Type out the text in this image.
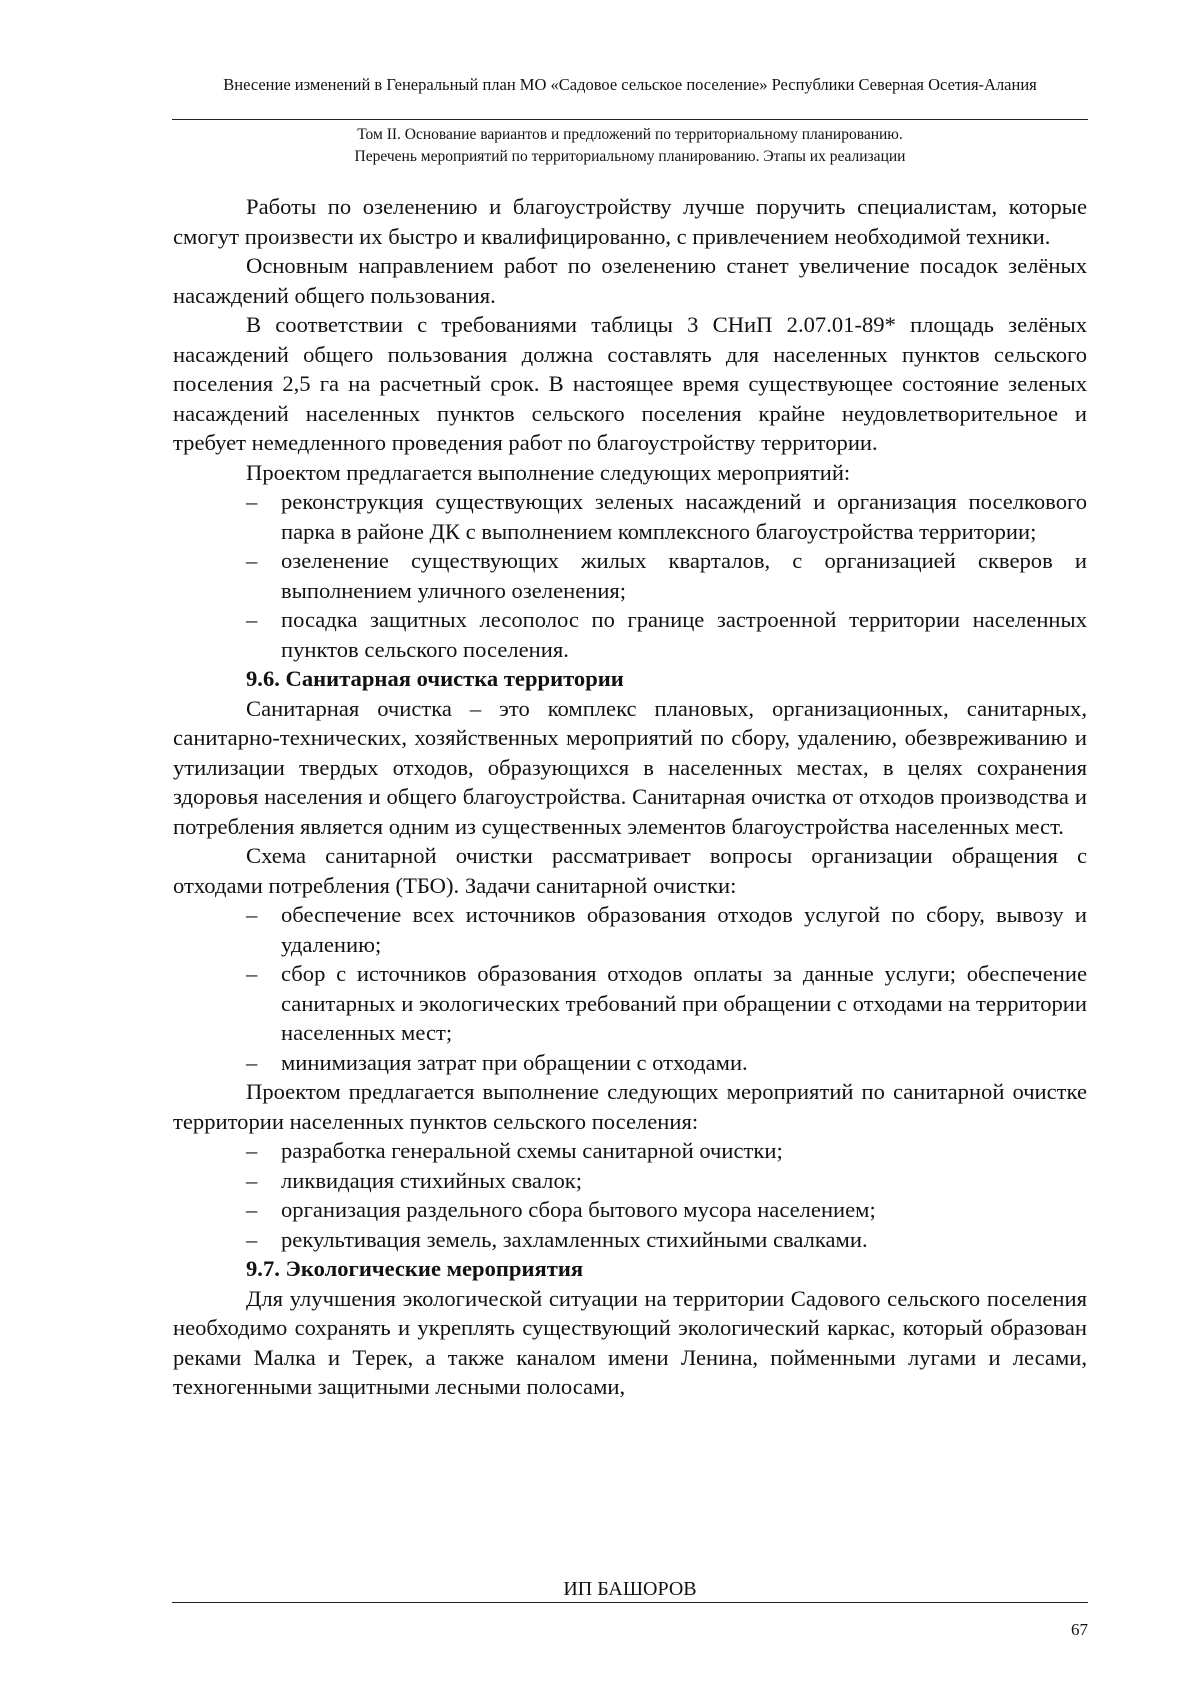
Внесение изменений в Генеральный план МО «Садовое сельское поселение» Республики Северная Осетия-Алания
Том II. Основание вариантов и предложений по территориальному планированию.
Перечень мероприятий по территориальному планированию. Этапы их реализации

Работы по озеленению и благоустройству лучше поручить специалистам, которые смогут произвести их быстро и квалифицированно, с привлечением необходимой техники.

Основным направлением работ по озеленению станет увеличение посадок зелёных насаждений общего пользования.

В соответствии с требованиями таблицы 3 СНиП 2.07.01-89* площадь зелёных насаждений общего пользования должна составлять для населенных пунктов сельского поселения 2,5 га на расчетный срок. В настоящее время существующее состояние зеленых насаждений населенных пунктов сельского поселения крайне неудовлетворительное и требует немедленного проведения работ по благоустройству территории.

Проектом предлагается выполнение следующих мероприятий:

– реконструкция существующих зеленых насаждений и организация поселкового парка в районе ДК с выполнением комплексного благоустройства территории;
– озеленение существующих жилых кварталов, с организацией скверов и выполнением уличного озеленения;
– посадка защитных лесополос по границе застроенной территории населенных пунктов сельского поселения.
9.6. Санитарная очистка территории

Санитарная очистка – это комплекс плановых, организационных, санитарных, санитарно-технических, хозяйственных мероприятий по сбору, удалению, обезвреживанию и утилизации твердых отходов, образующихся в населенных местах, в целях сохранения здоровья населения и общего благоустройства. Санитарная очистка от отходов производства и потребления является одним из существенных элементов благоустройства населенных мест.

Схема санитарной очистки рассматривает вопросы организации обращения с отходами потребления (ТБО). Задачи санитарной очистки:

– обеспечение всех источников образования отходов услугой по сбору, вывозу и удалению;
– сбор с источников образования отходов оплаты за данные услуги; обеспечение санитарных и экологических требований при обращении с отходами на территории населенных мест;
– минимизация затрат при обращении с отходами.

Проектом предлагается выполнение следующих мероприятий по санитарной очистке территории населенных пунктов сельского поселения:

– разработка генеральной схемы санитарной очистки;
– ликвидация стихийных свалок;
– организация раздельного сбора бытового мусора населением;
– рекультивация земель, захламленных стихийными свалками.
9.7. Экологические мероприятия

Для улучшения экологической ситуации на территории Садового сельского поселения необходимо сохранять и укреплять существующий экологический каркас, который образован реками Малка и Терек, а также каналом имени Ленина, пойменными лугами и лесами, техногенными защитными лесными полосами,

ИП БАШОРОВ
67
